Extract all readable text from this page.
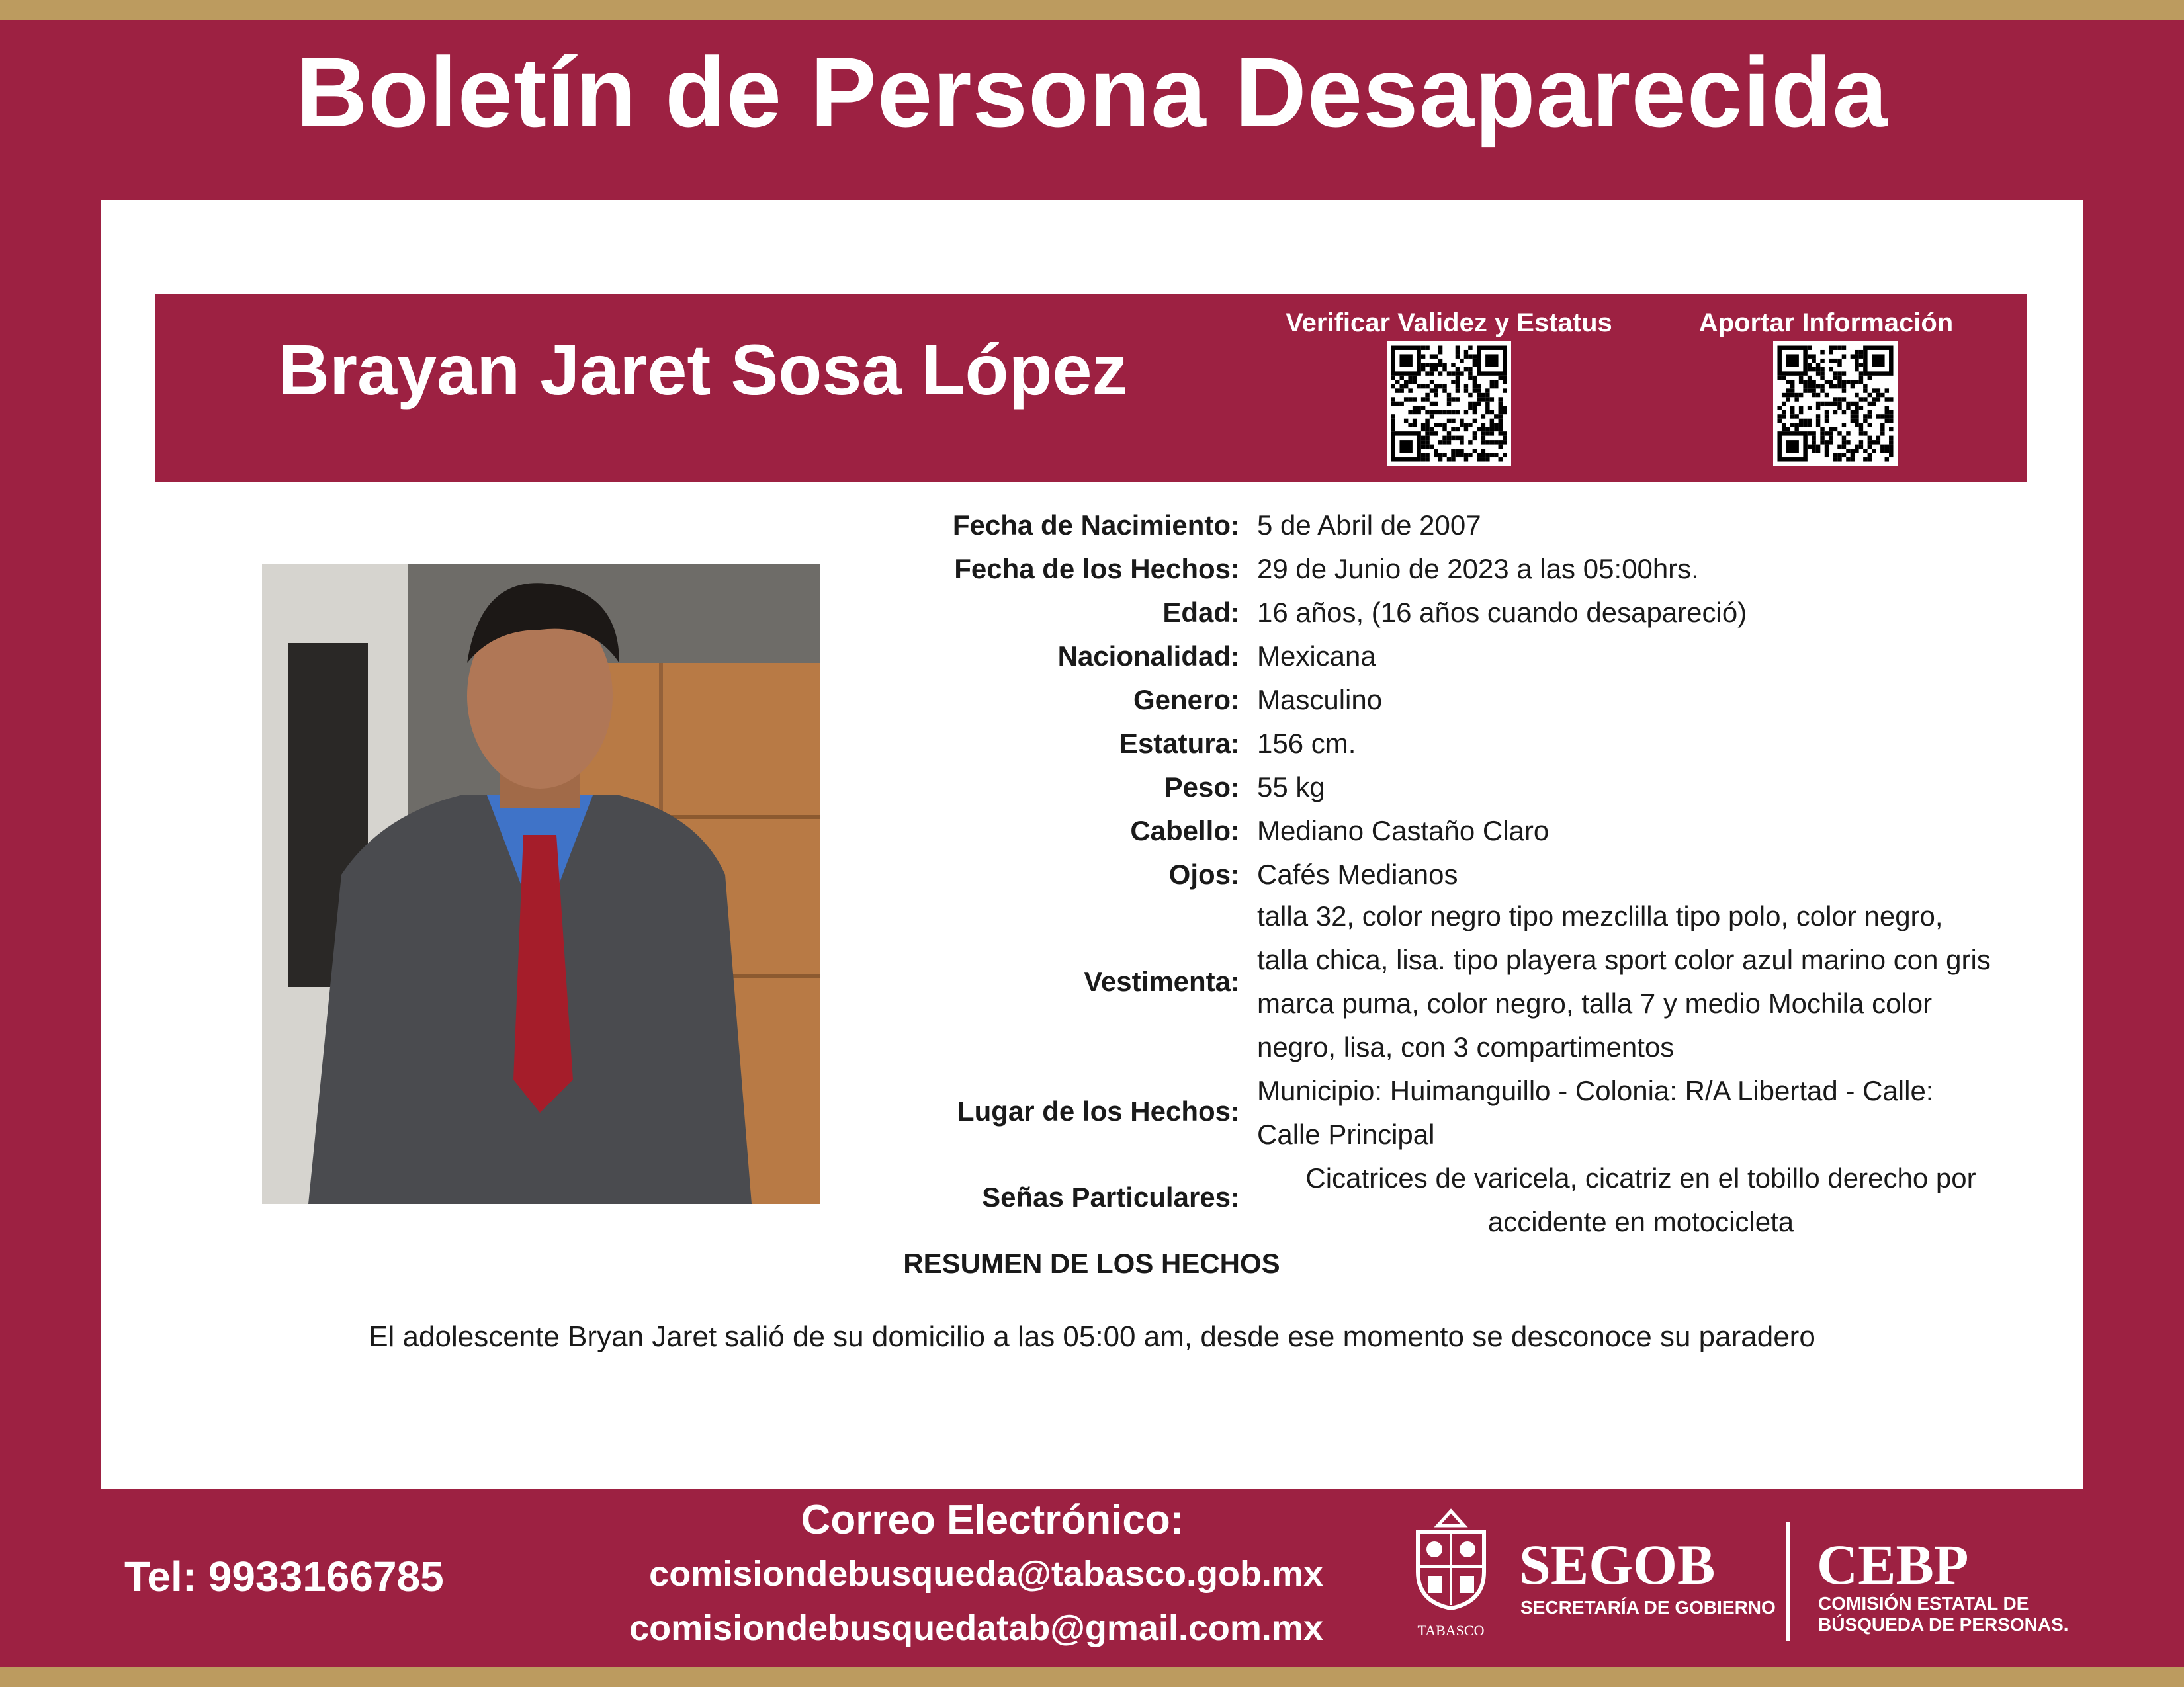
Boletín de Persona Desaparecida
Brayan Jaret Sosa López
Verificar Validez y Estatus	Aportar Información
Fecha de Nacimiento: 5 de Abril de 2007
Fecha de los Hechos: 29 de Junio de 2023 a las 05:00hrs.
Edad: 16 años, (16 años cuando desapareció)
Nacionalidad: Mexicana
Genero: Masculino
Estatura: 156 cm.
Peso: 55 kg
Cabello: Mediano Castaño Claro
Ojos: Cafés Medianos
Vestimenta:
talla 32, color negro tipo mezclilla tipo polo, color negro,
talla chica, lisa. tipo playera sport color azul marino con gris
marca puma, color negro, talla 7 y medio Mochila color
negro, lisa, con 3 compartimentos
Lugar de los Hechos:
Municipio: Huimanguillo - Colonia: R/A Libertad - Calle:
Calle Principal
Señas Particulares:
Cicatrices de varicela, cicatriz en el tobillo derecho por
accidente en motocicleta
RESUMEN DE LOS HECHOS
El adolescente Bryan Jaret salió de su domicilio a las 05:00 am, desde ese momento se desconoce su paradero
Tel: 9933166785
Correo Electrónico:
comisiondebusqueda@tabasco.gob.mx
comisiondebusquedatab@gmail.com.mx	TABASCO
SEGOB
SECRETARÍA DE GOBIERNO
CEBP
COMISIÓN ESTATAL DE
BÚSQUEDA DE PERSONAS.
